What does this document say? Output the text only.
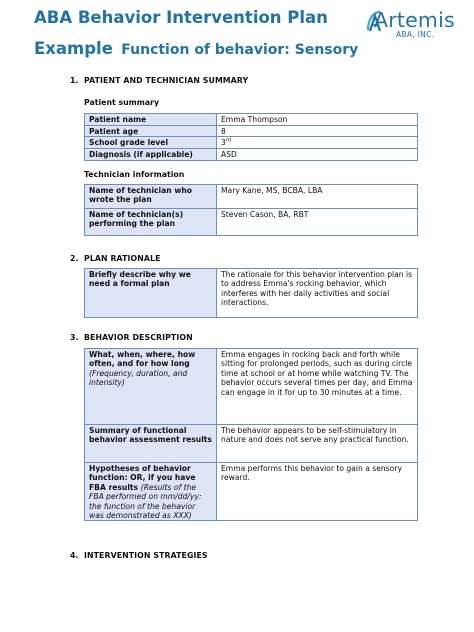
ABA Behavior Intervention Plan
Example Function of behavior: Sensory
Artemis
ABA, INC.
1. PATIENT AND TECHNICIAN SUMMARY
Patient summary
Patient name	Emma Thompson
Patient age	8
School grade level	3rd
Diagnosis (if applicable)	ASD
Technician information
Name of technician who wrote the plan	Mary Kane, MS, BCBA, LBA
Name of technician(s) performing the plan	Steven Cason, BA, RBT
2. PLAN RATIONALE
Briefly describe why we need a formal plan	The rationale for this behavior intervention plan is to address Emma's rocking behavior, which interferes with her daily activities and social interactions.
3. BEHAVIOR DESCRIPTION
What, when, where, how often, and for how long (Frequency, duration, and intensity)	Emma engages in rocking back and forth while sitting for prolonged periods, such as during circle time at school or at home while watching TV. The behavior occurs several times per day, and Emma can engage in it for up to 30 minutes at a time.
Summary of functional behavior assessment results	The behavior appears to be self-stimulatory in nature and does not serve any practical function.
Hypotheses of behavior function: OR, if you have FBA results (Results of the FBA performed on mm/dd/yy: the function of the behavior was demonstrated as XXX)	Emma performs this behavior to gain a sensory reward.
4. INTERVENTION STRATEGIES
